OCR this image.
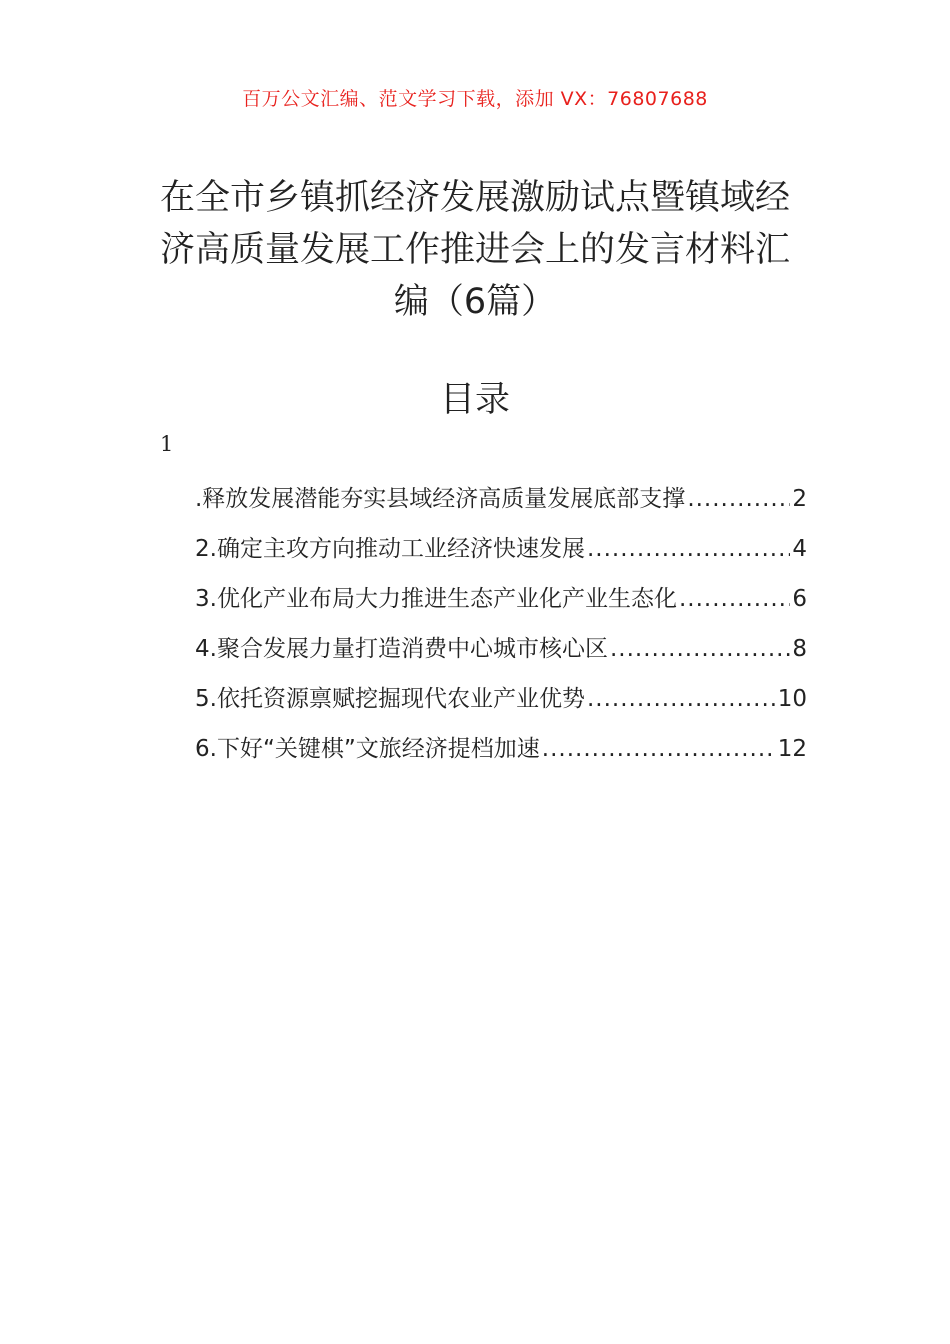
百万公文汇编、范文学习下载，添加 VX：76807688
在全市乡镇抓经济发展激励试点暨镇域经济高质量发展工作推进会上的发言材料汇编（6篇）
目录
1
.释放发展潜能夯实县域经济高质量发展底部支撑 .....	2
2.确定主攻方向推动工业经济快速发展 .....	4
3.优化产业布局大力推进生态产业化产业生态化 .....	6
4.聚合发展力量打造消费中心城市核心区 .....	8
5.依托资源禀赋挖掘现代农业产业优势 .....	10
6.下好“关键棋”文旅经济提档加速 .....	12
